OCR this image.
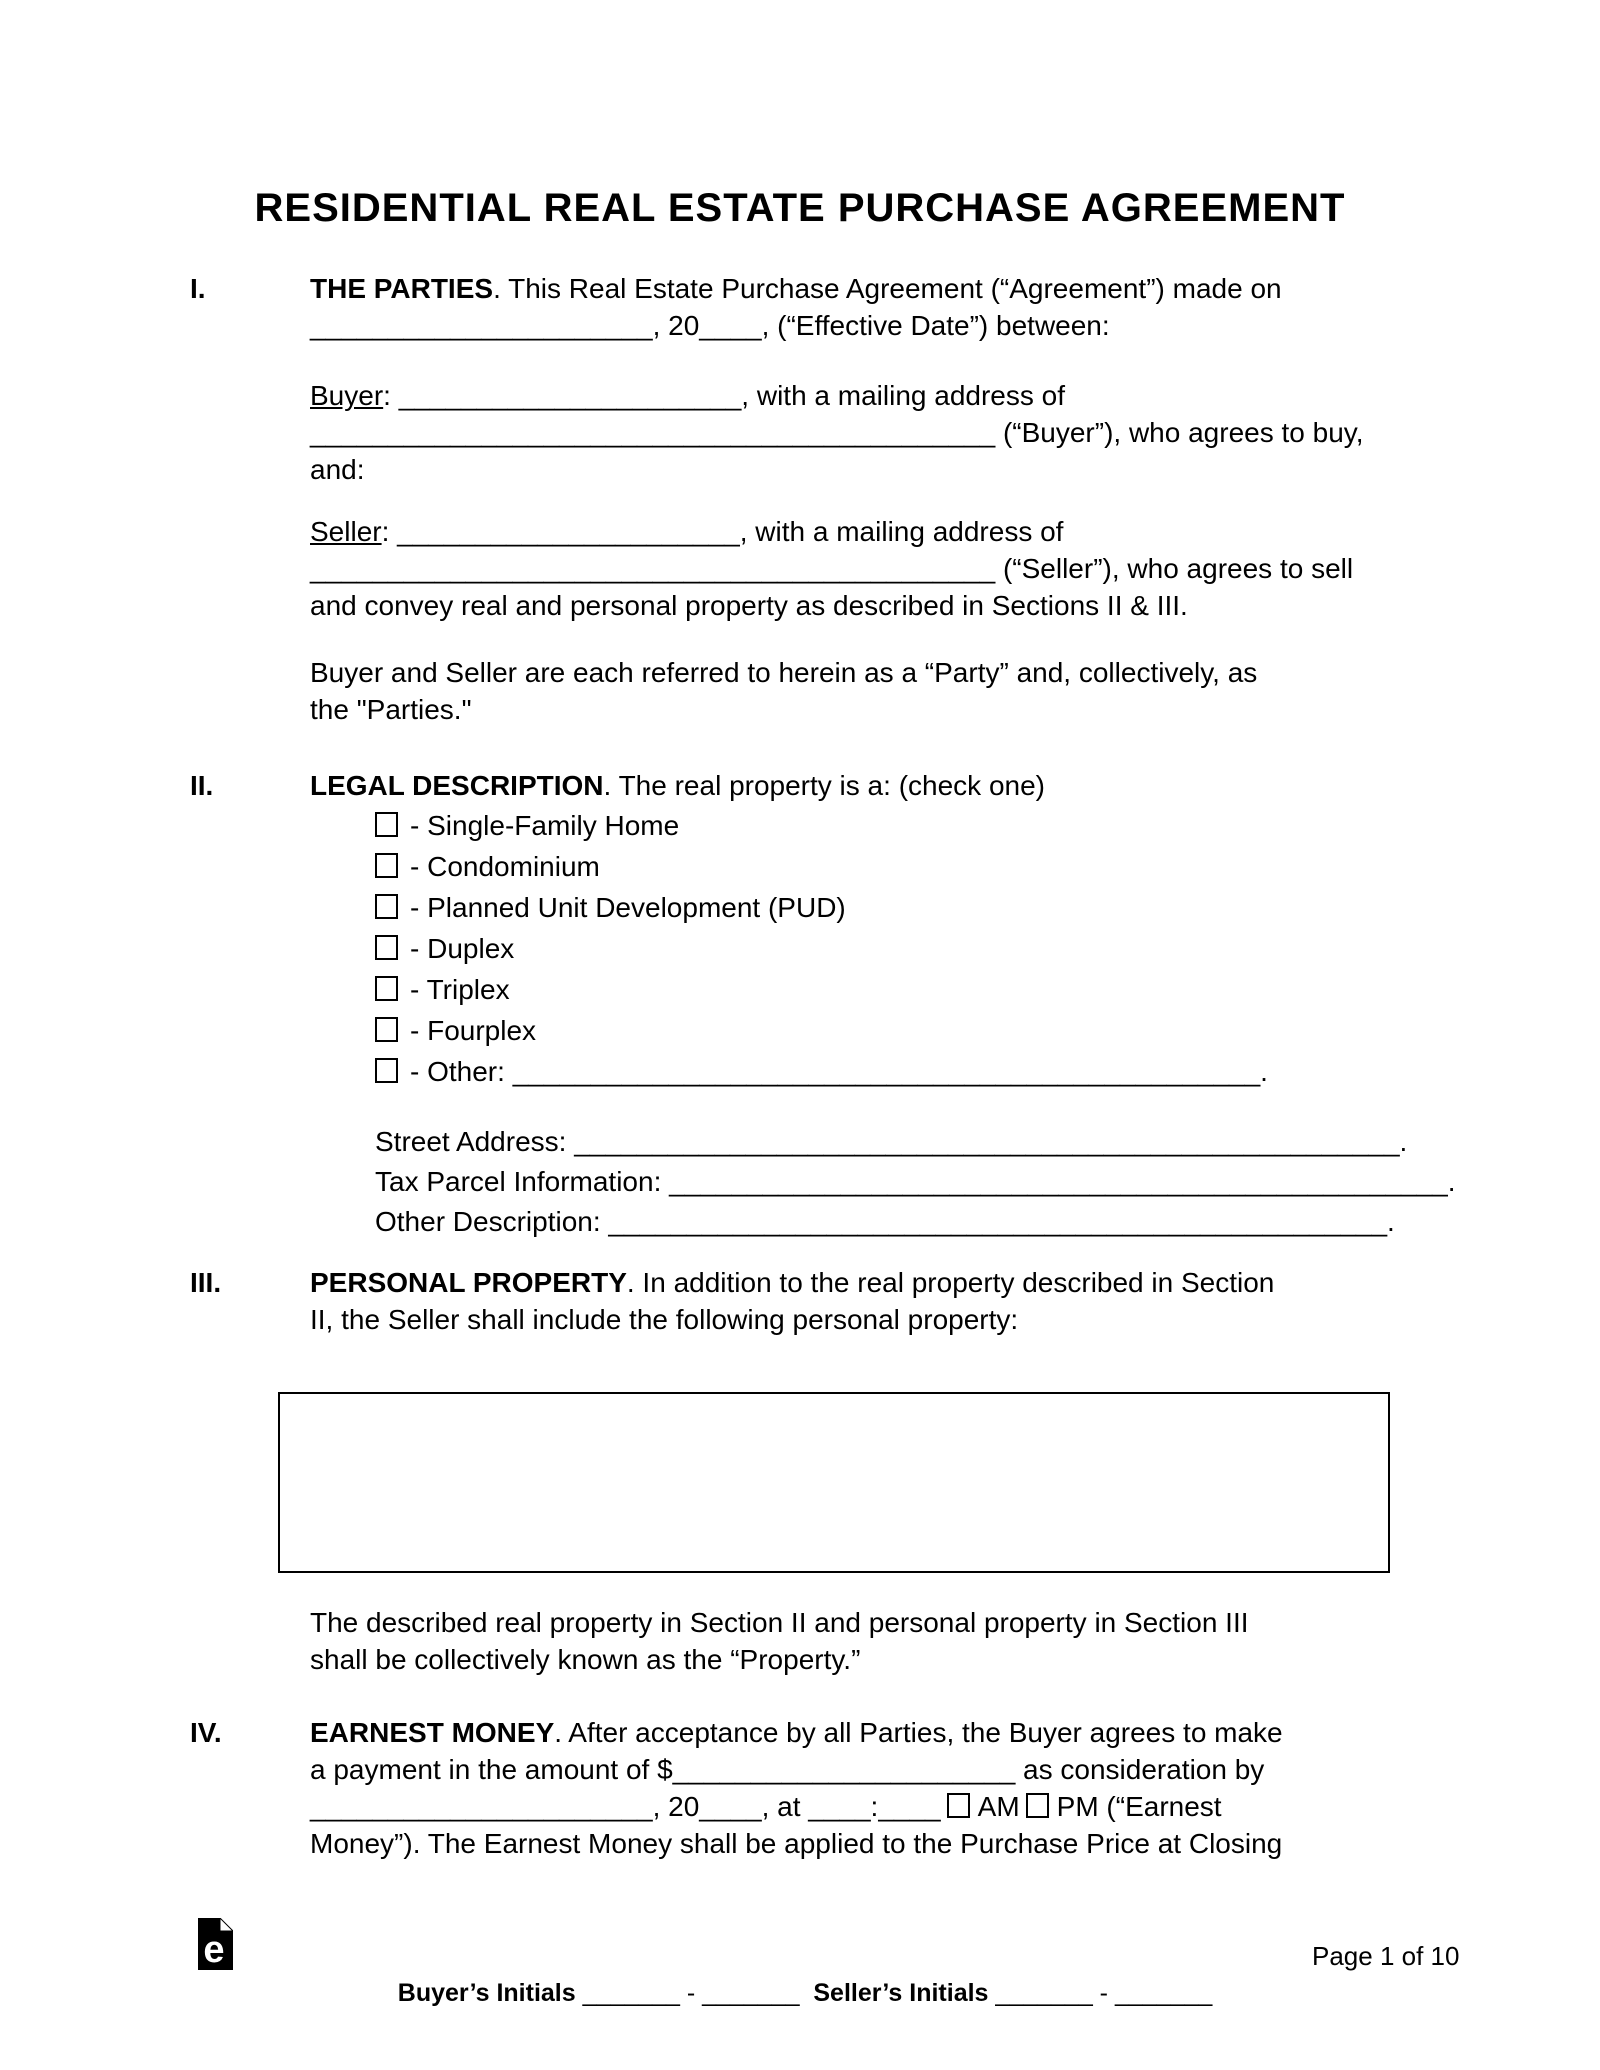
RESIDENTIAL REAL ESTATE PURCHASE AGREEMENT
I.	THE PARTIES. This Real Estate Purchase Agreement (“Agreement”) made on
______________________, 20____, (“Effective Date”) between:
Buyer: ______________________, with a mailing address of
____________________________________________ (“Buyer”), who agrees to buy,
and:
Seller: ______________________, with a mailing address of
____________________________________________ (“Seller”), who agrees to sell
and convey real and personal property as described in Sections II & III.
Buyer and Seller are each referred to herein as a “Party” and, collectively, as
the "Parties."
II.	LEGAL DESCRIPTION. The real property is a: (check one)
- Single-Family Home
- Condominium
- Planned Unit Development (PUD)
- Duplex
- Triplex
- Fourplex
- Other: ________________________________________________.
Street Address: _____________________________________________________.
Tax Parcel Information: __________________________________________________.
Other Description: __________________________________________________.
III.	PERSONAL PROPERTY. In addition to the real property described in Section
II, the Seller shall include the following personal property:
The described real property in Section II and personal property in Section III
shall be collectively known as the “Property.”
IV.	EARNEST MONEY. After acceptance by all Parties, the Buyer agrees to make
a payment in the amount of $______________________ as consideration by
______________________, 20____, at ____:____ AM PM (“Earnest
Money”). The Earnest Money shall be applied to the Purchase Price at Closing
e

Buyer’s Initials _______ - _______  Seller’s Initials _______ - _______

Page 1 of 10
